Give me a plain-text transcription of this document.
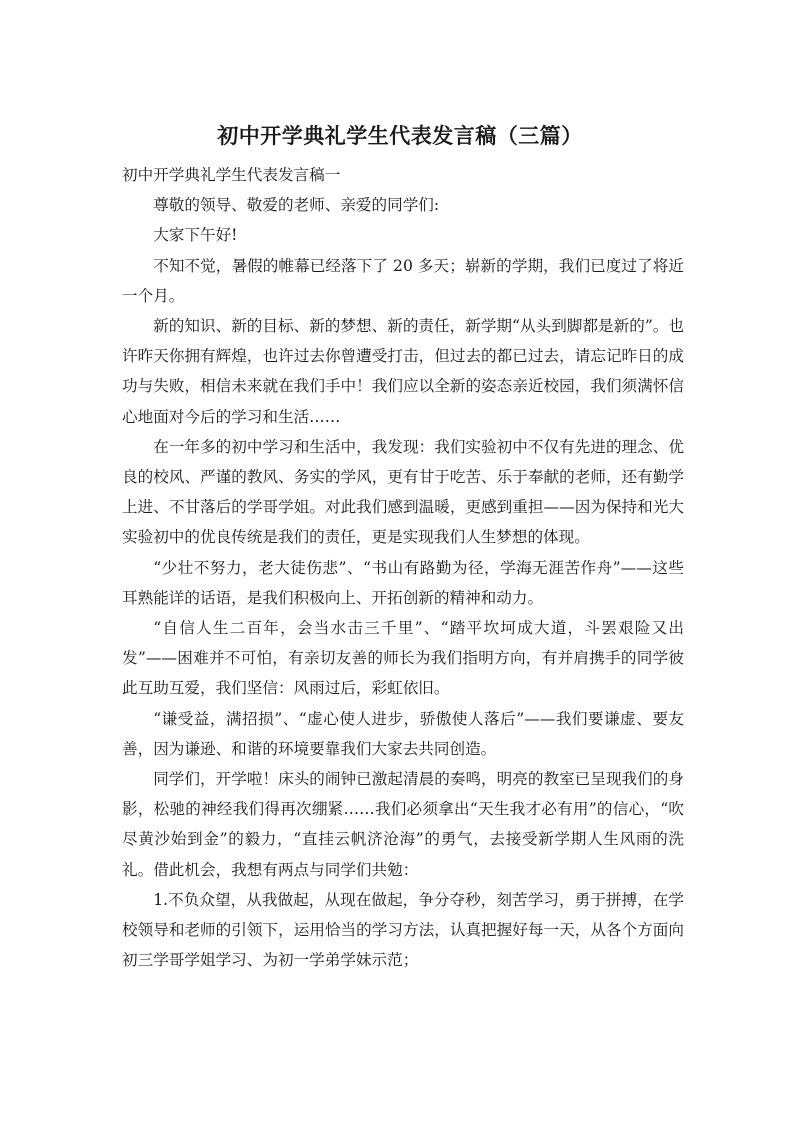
初中开学典礼学生代表发言稿（三篇）

初中开学典礼学生代表发言稿一

尊敬的领导、敬爱的老师、亲爱的同学们:

大家下午好!

不知不觉，暑假的帷幕已经落下了 20 多天；崭新的学期，我们已度过了将近一个月。

新的知识、新的目标、新的梦想、新的责任，新学期“从头到脚都是新的”。也许昨天你拥有辉煌，也许过去你曾遭受打击，但过去的都已过去，请忘记昨日的成功与失败，相信未来就在我们手中！我们应以全新的姿态亲近校园，我们须满怀信心地面对今后的学习和生活……

在一年多的初中学习和生活中，我发现：我们实验初中不仅有先进的理念、优良的校风、严谨的教风、务实的学风，更有甘于吃苦、乐于奉献的老师，还有勤学上进、不甘落后的学哥学姐。对此我们感到温暖，更感到重担——因为保持和光大实验初中的优良传统是我们的责任，更是实现我们人生梦想的体现。

“少壮不努力，老大徒伤悲”、“书山有路勤为径，学海无涯苦作舟”——这些耳熟能详的话语，是我们积极向上、开拓创新的精神和动力。

“自信人生二百年，会当水击三千里”、“踏平坎坷成大道，斗罢艰险又出发”——困难并不可怕，有亲切友善的师长为我们指明方向，有并肩携手的同学彼此互助互爱，我们坚信：风雨过后，彩虹依旧。

“谦受益，满招损”、“虚心使人进步，骄傲使人落后”——我们要谦虚、要友善，因为谦逊、和谐的环境要靠我们大家去共同创造。

同学们，开学啦！床头的闹钟已激起清晨的奏鸣，明亮的教室已呈现我们的身影，松驰的神经我们得再次绷紧……我们必须拿出“天生我才必有用”的信心，“吹尽黄沙始到金”的毅力，“直挂云帆济沧海”的勇气，去接受新学期人生风雨的洗礼。借此机会，我想有两点与同学们共勉：

1.不负众望，从我做起，从现在做起，争分夺秒，刻苦学习，勇于拼搏，在学校领导和老师的引领下，运用恰当的学习方法，认真把握好每一天，从各个方面向初三学哥学姐学习、为初一学弟学妹示范；
